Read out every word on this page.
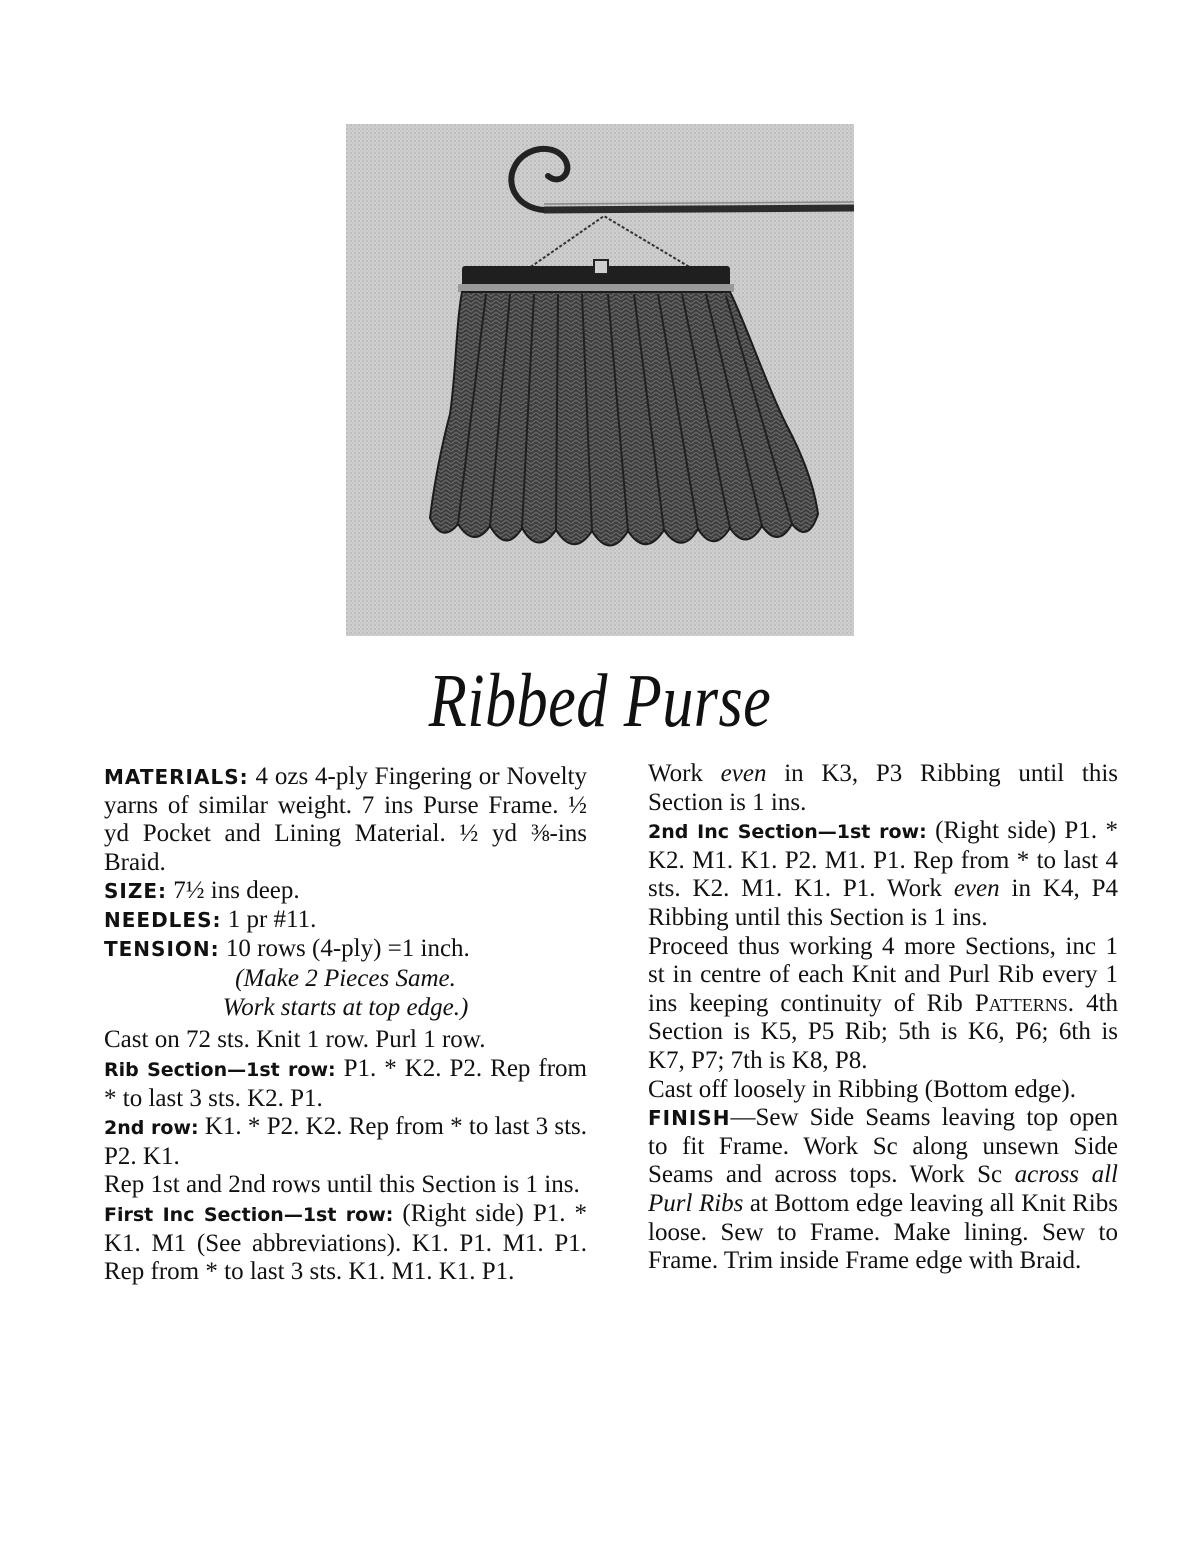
Ribbed Purse

MATERIALS: 4 ozs 4-ply Fingering or Novelty yarns of similar weight. 7 ins Purse Frame. ½ yd Pocket and Lining Material. ½ yd ⅜-ins Braid.

SIZE: 7½ ins deep.

NEEDLES: 1 pr #11.

TENSION: 10 rows (4-ply) =1 inch.

(Make 2 Pieces Same.
Work starts at top edge.)

Cast on 72 sts. Knit 1 row. Purl 1 row.

Rib Section—1st row: P1. * K2. P2. Rep from * to last 3 sts. K2. P1.

2nd row: K1. * P2. K2. Rep from * to last 3 sts. P2. K1.

Rep 1st and 2nd rows until this Section is 1 ins.

First Inc Section—1st row: (Right side) P1. * K1. M1 (See abbreviations). K1. P1. M1. P1. Rep from * to last 3 sts. K1. M1. K1. P1.

Work even in K3, P3 Ribbing until this Section is 1 ins.

2nd Inc Section—1st row: (Right side) P1. * K2. M1. K1. P2. M1. P1. Rep from * to last 4 sts. K2. M1. K1. P1. Work even in K4, P4 Ribbing until this Section is 1 ins.

Proceed thus working 4 more Sections, inc 1 st in centre of each Knit and Purl Rib every 1 ins keeping continuity of Rib Patterns. 4th Section is K5, P5 Rib; 5th is K6, P6; 6th is K7, P7; 7th is K8, P8.

Cast off loosely in Ribbing (Bottom edge).

FINISH—Sew Side Seams leaving top open to fit Frame. Work Sc along unsewn Side Seams and across tops. Work Sc across all Purl Ribs at Bottom edge leaving all Knit Ribs loose. Sew to Frame. Make lining. Sew to Frame. Trim inside Frame edge with Braid.
